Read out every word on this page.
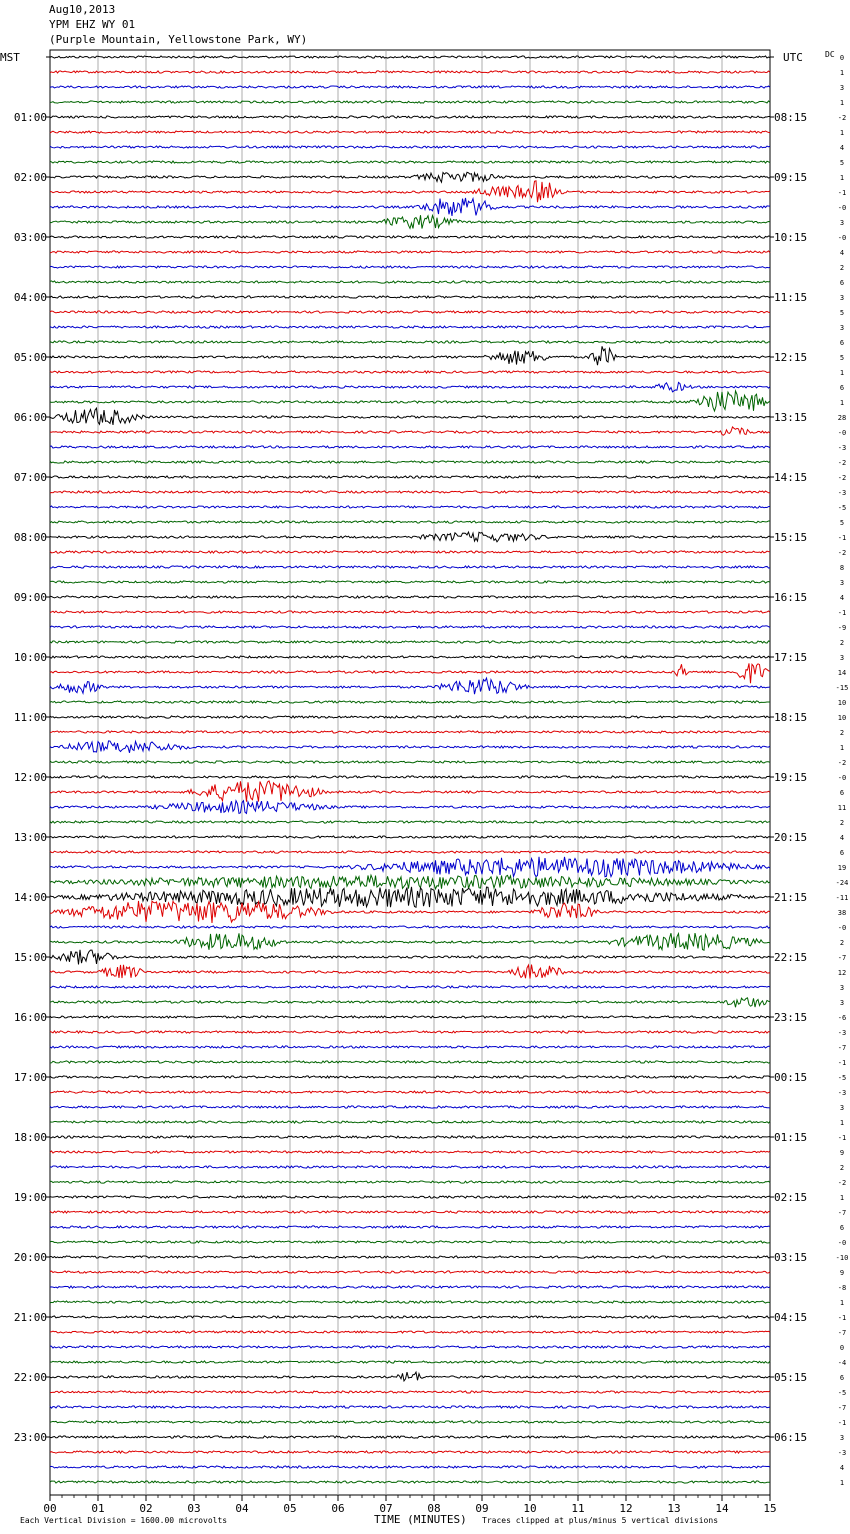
Aug10,2013
YPM EHZ WY 01
(Purple Mountain, Yellowstone Park, WY)
00	01	02	03	04	05	06	07	08	09	10	11	12	13	14	15
0
1
3
1
01:00	08:15	-2
1
4
5
02:00	09:15	1
-1
-0
3
03:00	10:15	-0
4
2
6
04:00	11:15	3
5
3
6
05:00	12:15	5
1
6
1
06:00	13:15	28
-0
-3
-2
07:00	14:15	-2
-3
-5
5
08:00	15:15	-1
-2
8
3
09:00	16:15	4
-1
-9
2
10:00	17:15	3
14
-15
10
11:00	18:15	10
2
1
-2
12:00	19:15	-0
6
11
2
13:00	20:15	4
6
19
-24
14:00	21:15	-11
38
-0
2
15:00	22:15	-7
12
3
3
16:00	23:15	-6
-3
-7
-1
17:00	00:15	-5
-3
3
1
18:00	01:15	-1
9
2
-2
19:00	02:15	1
-7
6
-0
20:00	03:15	-10
9
-8
1
21:00	04:15	-1
-7
0
-4
22:00	05:15	6
-5
-7
-1
23:00	06:15	3
-3
4
1
MST	UTC	DC
TIME (MINUTES)
Each Vertical Division = 1600.00 microvolts	Traces clipped at plus/minus 5 vertical divisions
